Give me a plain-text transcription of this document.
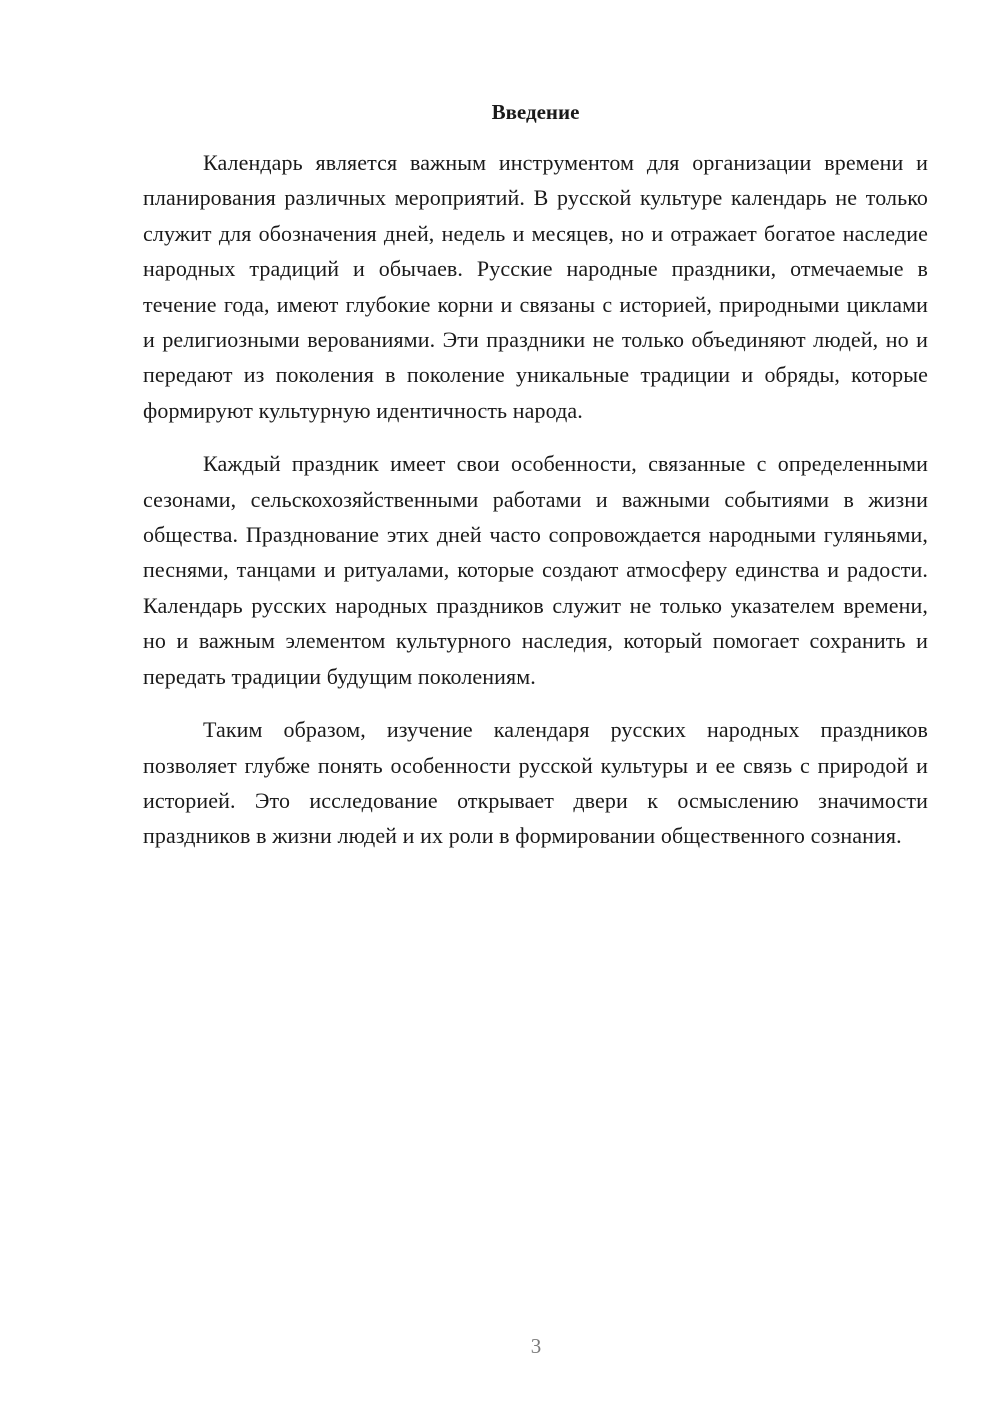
Введение

Календарь является важным инструментом для организации времени и планирования различных мероприятий. В русской культуре календарь не только служит для обозначения дней, недель и месяцев, но и отражает богатое наследие народных традиций и обычаев. Русские народные праздники, отмечаемые в течение года, имеют глубокие корни и связаны с историей, природными циклами и религиозными верованиями. Эти праздники не только объединяют людей, но и передают из поколения в поколение уникальные традиции и обряды, которые формируют культурную идентичность народа.

Каждый праздник имеет свои особенности, связанные с определенными сезонами, сельскохозяйственными работами и важными событиями в жизни общества. Празднование этих дней часто сопровождается народными гуляньями, песнями, танцами и ритуалами, которые создают атмосферу единства и радости. Календарь русских народных праздников служит не только указателем времени, но и важным элементом культурного наследия, который помогает сохранить и передать традиции будущим поколениям.

Таким образом, изучение календаря русских народных праздников позволяет глубже понять особенности русской культуры и ее связь с природой и историей. Это исследование открывает двери к осмыслению значимости праздников в жизни людей и их роли в формировании общественного сознания.

3
